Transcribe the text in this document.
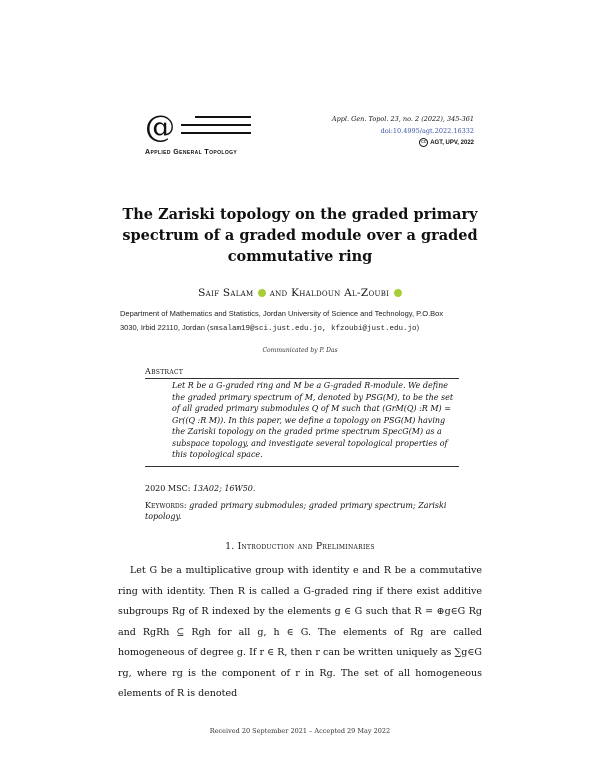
@
Applied General Topology
Appl. Gen. Topol. 23, no. 2 (2022), 345-361
doi:10.4995/agt.2022.16332
cc AGT, UPV, 2022
The Zariski topology on the graded primary spectrum of a graded module over a graded commutative ring
Saif Salam and Khaldoun Al-Zoubi
Department of Mathematics and Statistics, Jordan University of Science and Technology, P.O.Box
3030, Irbid 22110, Jordan (smsalam19@sci.just.edu.jo, kfzoubi@just.edu.jo)
Communicated by P. Das
Abstract
Let R be a G-graded ring and M be a G-graded R-module. We define the graded primary spectrum of M, denoted by PSG(M), to be the set of all graded primary submodules Q of M such that (GrM(Q) :R M) = Gr((Q :R M)). In this paper, we define a topology on PSG(M) having the Zariski topology on the graded prime spectrum SpecG(M) as a subspace topology, and investigate several topological properties of this topological space.
2020 MSC: 13A02; 16W50.
Keywords: graded primary submodules; graded primary spectrum; Zariski topology.
1. Introduction and Preliminaries

Let G be a multiplicative group with identity e and R be a commutative ring with identity. Then R is called a G-graded ring if there exist additive subgroups Rg of R indexed by the elements g ∈ G such that R = ⊕g∈G Rg and RgRh ⊆ Rgh for all g, h ∈ G. The elements of Rg are called homogeneous of degree g. If r ∈ R, then r can be written uniquely as ∑g∈G rg, where rg is the component of r in Rg. The set of all homogeneous elements of R is denoted

Received 20 September 2021 – Accepted 29 May 2022
